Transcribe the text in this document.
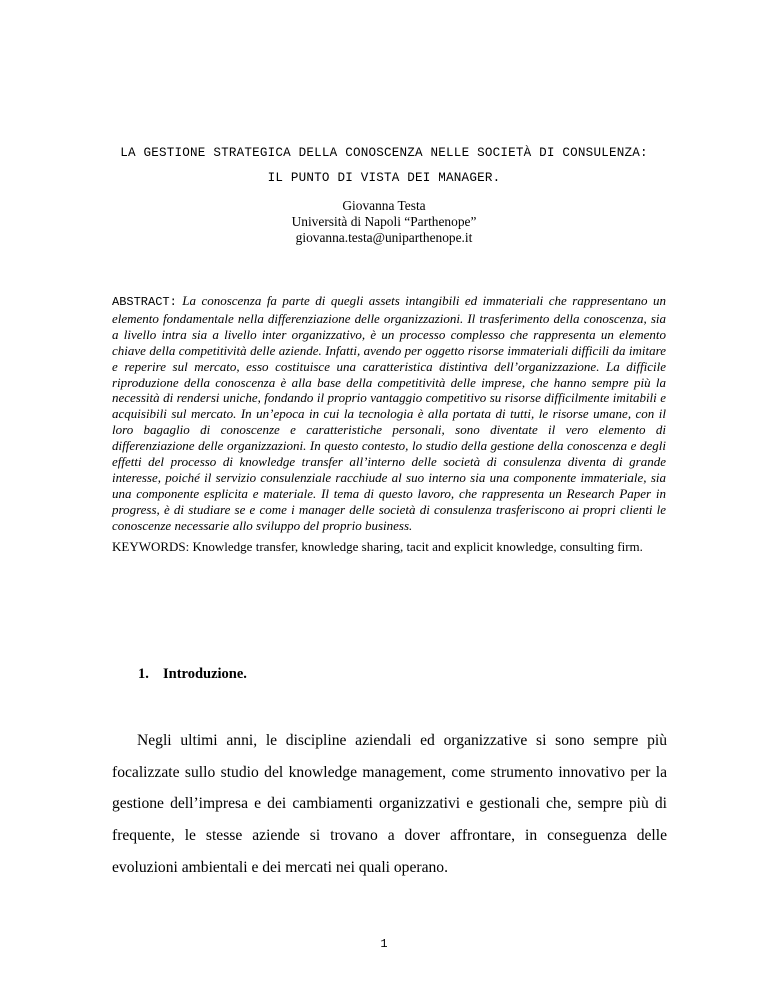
LA GESTIONE STRATEGICA DELLA CONOSCENZA NELLE SOCIETÀ DI CONSULENZA:
IL PUNTO DI VISTA DEI MANAGER.
Giovanna Testa
Università di Napoli “Parthenope”
giovanna.testa@uniparthenope.it
ABSTRACT: La conoscenza fa parte di quegli assets intangibili ed immateriali che rappresentano un elemento fondamentale nella differenziazione delle organizzazioni. Il trasferimento della conoscenza, sia a livello intra sia a livello inter organizzativo, è un processo complesso che rappresenta un elemento chiave della competitività delle aziende. Infatti, avendo per oggetto risorse immateriali difficili da imitare e reperire sul mercato, esso costituisce una caratteristica distintiva dell’organizzazione. La difficile riproduzione della conoscenza è alla base della competitività delle imprese, che hanno sempre più la necessità di rendersi uniche, fondando il proprio vantaggio competitivo su risorse difficilmente imitabili e acquisibili sul mercato. In un’epoca in cui la tecnologia è alla portata di tutti, le risorse umane, con il loro bagaglio di conoscenze e caratteristiche personali, sono diventate il vero elemento di differenziazione delle organizzazioni. In questo contesto, lo studio della gestione della conoscenza e degli effetti del processo di knowledge transfer all’interno delle società di consulenza diventa di grande interesse, poiché il servizio consulenziale racchiude al suo interno sia una componente immateriale, sia una componente esplicita e materiale. Il tema di questo lavoro, che rappresenta un Research Paper in progress, è di studiare se e come i manager delle società di consulenza trasferiscono ai propri clienti le conoscenze necessarie allo sviluppo del proprio business.
KEYWORDS: Knowledge transfer, knowledge sharing, tacit and explicit knowledge, consulting firm.
1. Introduzione.
Negli ultimi anni, le discipline aziendali ed organizzative si sono sempre più focalizzate sullo studio del knowledge management, come strumento innovativo per la gestione dell’impresa e dei cambiamenti organizzativi e gestionali che, sempre più di frequente, le stesse aziende si trovano a dover affrontare, in conseguenza delle evoluzioni ambientali e dei mercati nei quali operano.
1
